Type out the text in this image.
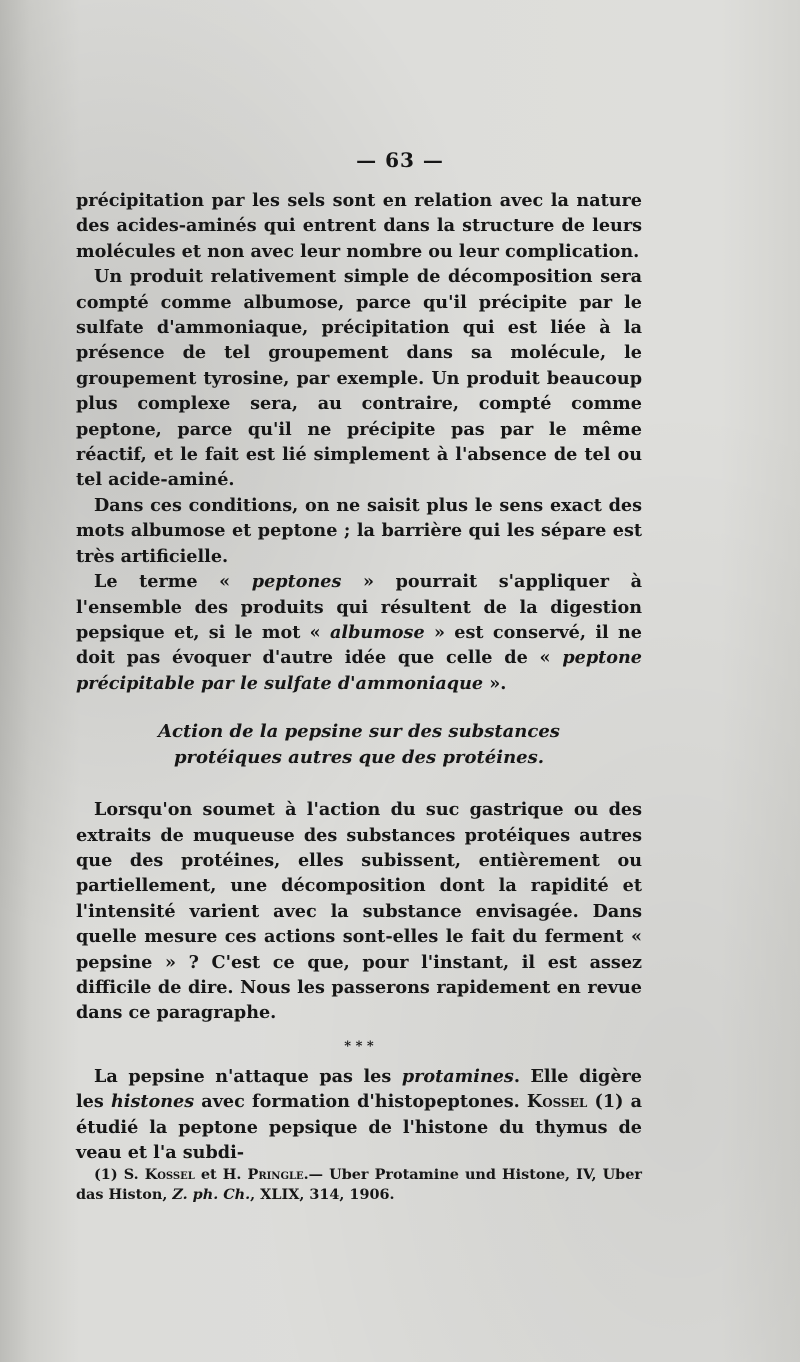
— 63 —

précipitation par les sels sont en relation avec la nature des acides-aminés qui entrent dans la structure de leurs molécules et non avec leur nombre ou leur complication.

Un produit relativement simple de décomposition sera compté comme albumose, parce qu'il précipite par le sulfate d'ammoniaque, précipitation qui est liée à la présence de tel groupement dans sa molécule, le groupement tyrosine, par exemple. Un produit beaucoup plus complexe sera, au contraire, compté comme peptone, parce qu'il ne précipite pas par le même réactif, et le fait est lié simplement à l'absence de tel ou tel acide-aminé.

Dans ces conditions, on ne saisit plus le sens exact des mots albumose et peptone ; la barrière qui les sépare est très artificielle.

Le terme « peptones » pourrait s'appliquer à l'ensemble des produits qui résultent de la digestion pepsique et, si le mot « albumose » est conservé, il ne doit pas évoquer d'autre idée que celle de « peptone précipitable par le sulfate d'ammoniaque ».

Action de la pepsine sur des substances protéiques autres que des protéines.

Lorsqu'on soumet à l'action du suc gastrique ou des extraits de muqueuse des substances protéiques autres que des protéines, elles subissent, entièrement ou partiellement, une décomposition dont la rapidité et l'intensité varient avec la substance envisagée. Dans quelle mesure ces actions sont-elles le fait du ferment « pepsine » ? C'est ce que, pour l'instant, il est assez difficile de dire. Nous les passerons rapidement en revue dans ce paragraphe.

* * *

La pepsine n'attaque pas les protamines. Elle digère les histones avec formation d'histopeptones. Kossel (1) a étudié la peptone pepsique de l'histone du thymus de veau et l'a subdi-

(1) S. Kossel et H. Pringle.— Uber Protamine und Histone, IV, Uber das Histon, Z. ph. Ch., XLIX, 314, 1906.
